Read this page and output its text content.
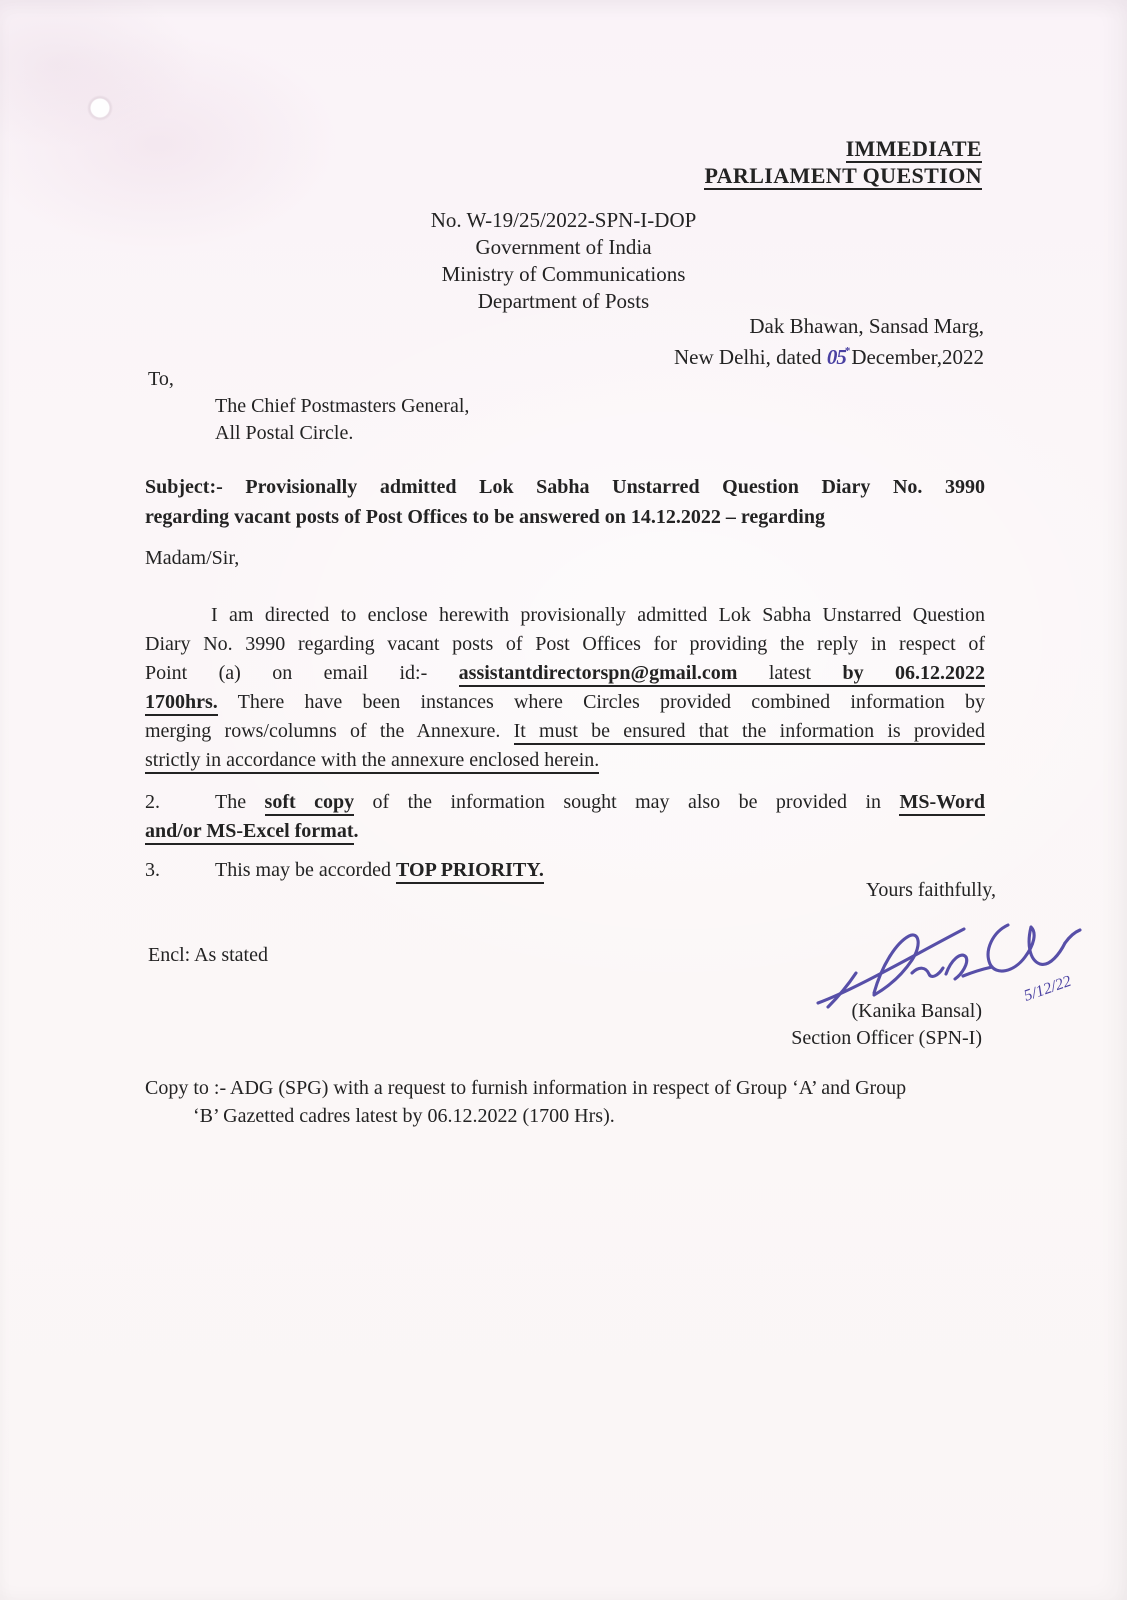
IMMEDIATE
PARLIAMENT QUESTION
No. W-19/25/2022-SPN-I-DOP
Government of India
Ministry of Communications
Department of Posts
Dak Bhawan, Sansad Marg,
New Delhi, dated 05*December,2022
To,
The Chief Postmasters General,
All Postal Circle.
Subject:- Provisionally admitted Lok Sabha Unstarred Question Diary No. 3990
regarding vacant posts of Post Offices to be answered on 14.12.2022 – regarding
Madam/Sir,
I am directed to enclose herewith provisionally admitted Lok Sabha Unstarred Question
Diary No. 3990 regarding vacant posts of Post Offices for providing the reply in respect of
Point (a) on email id:- assistantdirectorspn@gmail.com latest by 06.12.2022
1700hrs. There have been instances where Circles provided combined information by
merging rows/columns of the Annexure. It must be ensured that the information is provided
strictly in accordance with the annexure enclosed herein.
2.	The soft copy of the information sought may also be provided in MS-Word
and/or MS-Excel format.
3.	This may be accorded TOP PRIORITY.
Yours faithfully,
Encl: As stated
5/12/22
(Kanika Bansal)
Section Officer (SPN-I)
Copy to :- ADG (SPG) with a request to furnish information in respect of Group ‘A’ and Group
‘B’ Gazetted cadres latest by 06.12.2022 (1700 Hrs).
